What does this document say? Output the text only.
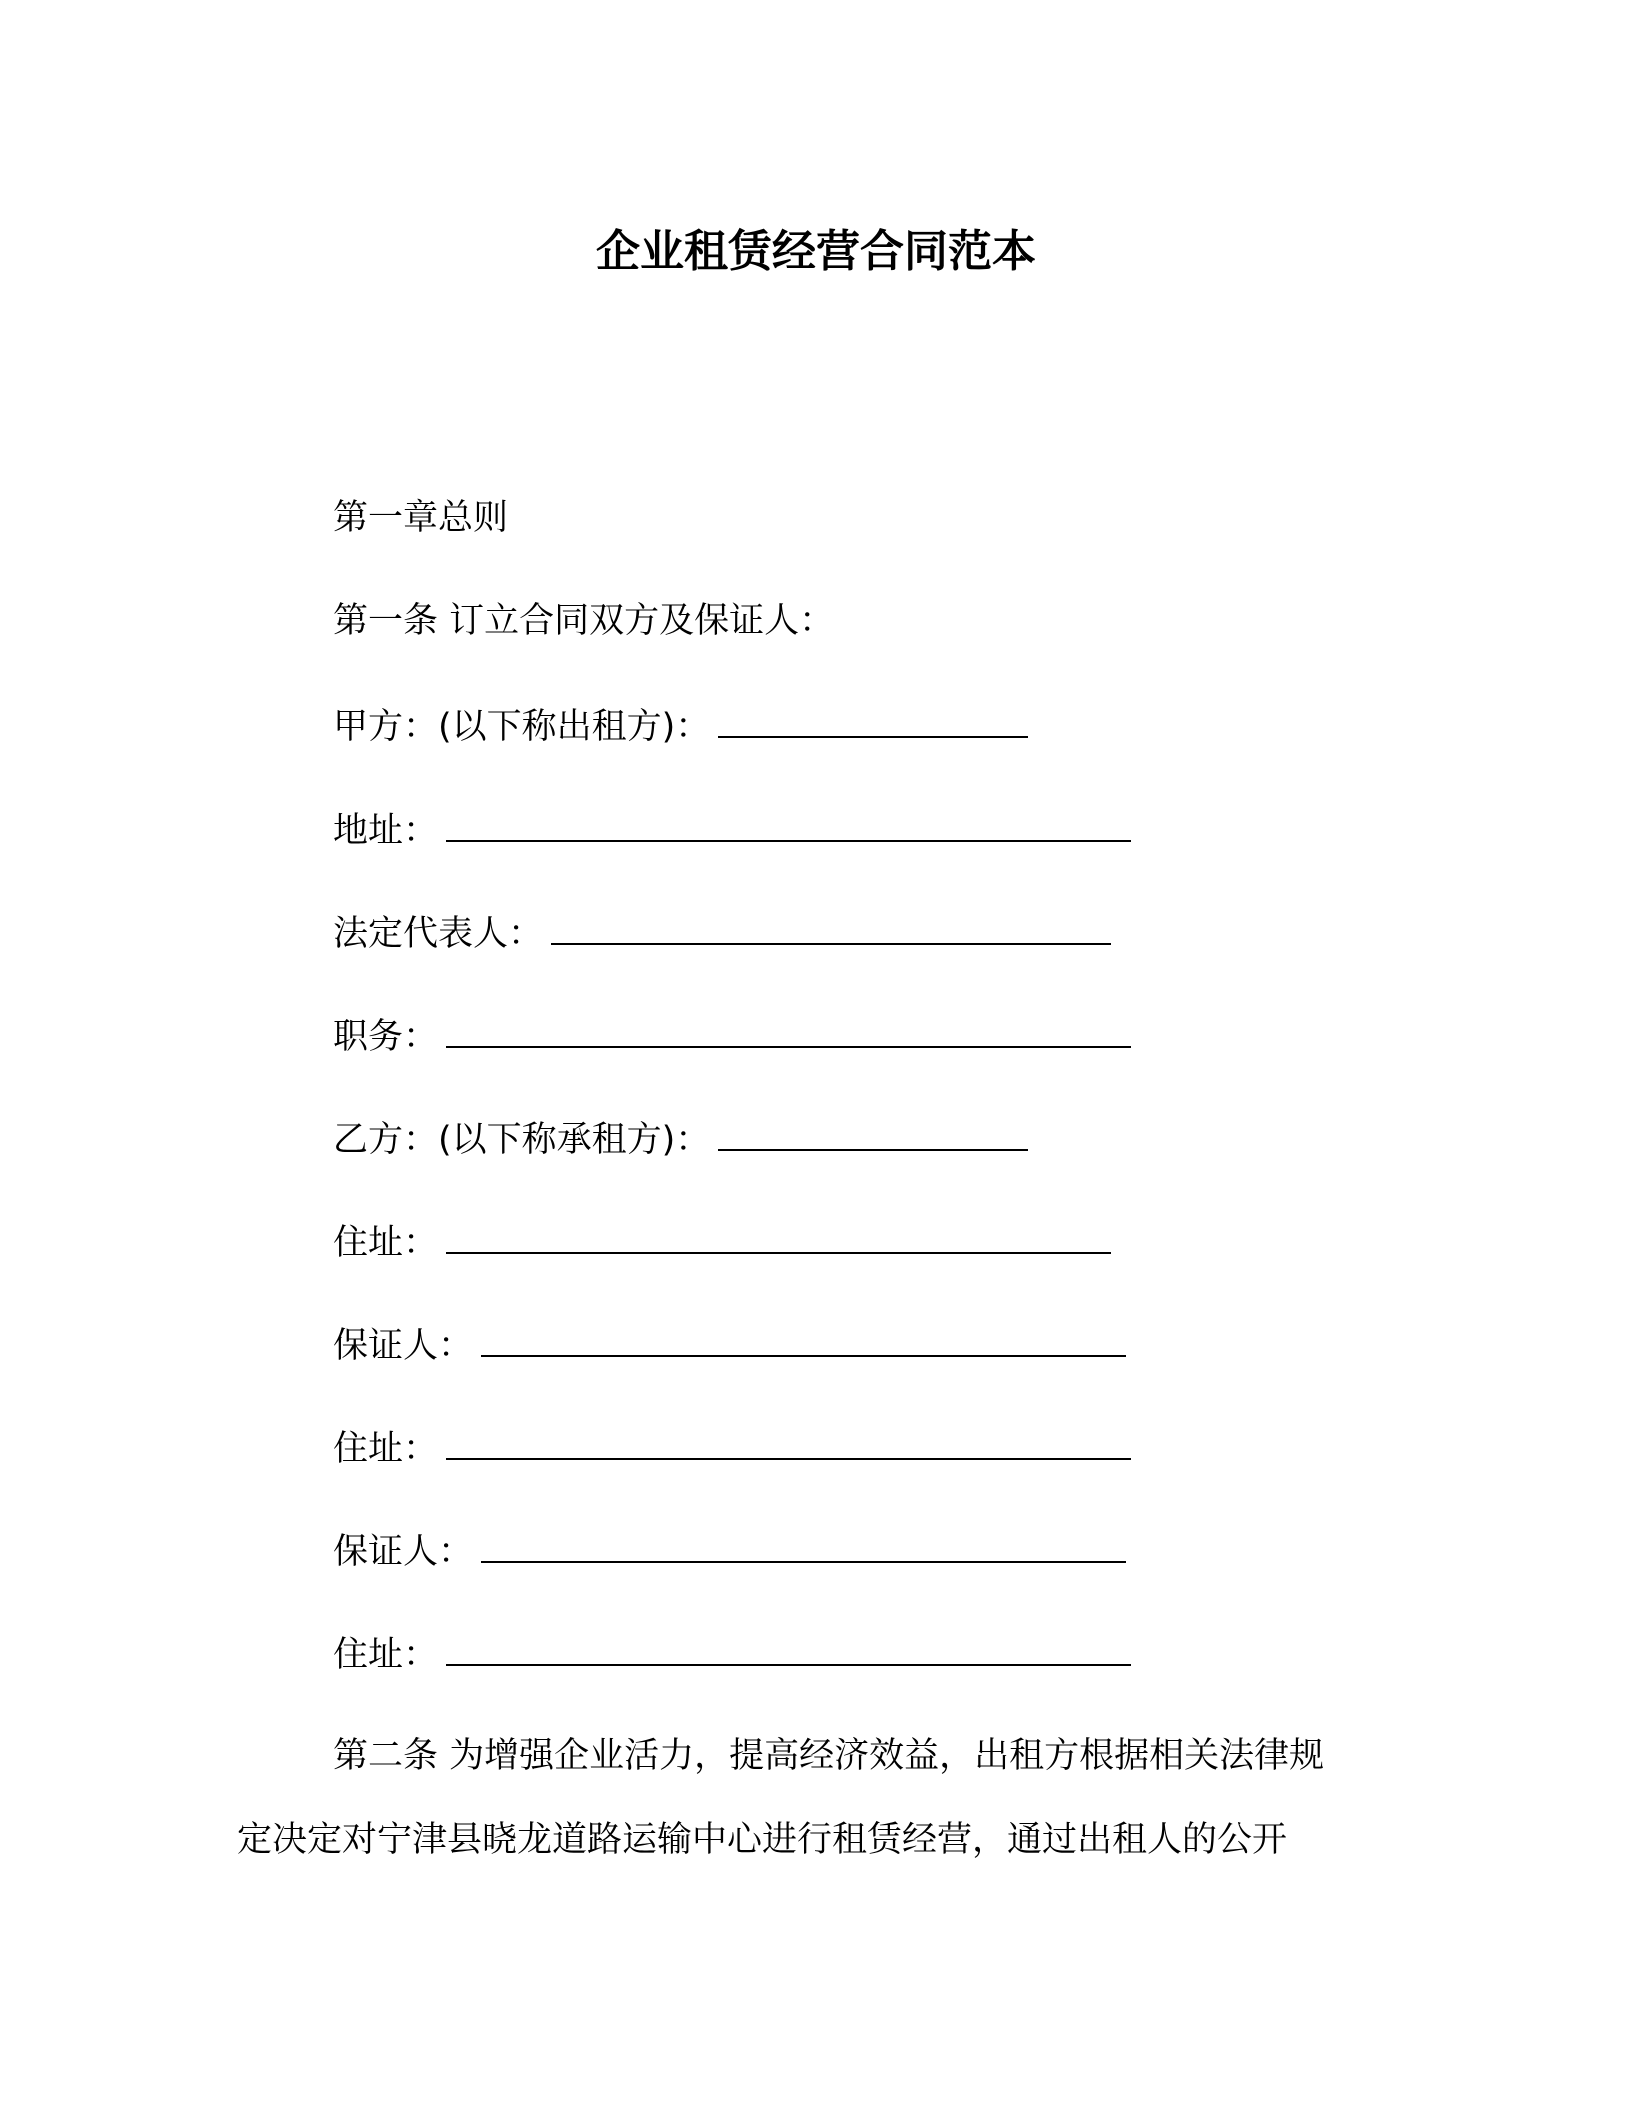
企业租赁经营合同范本
第一章总则
第一条 订立合同双方及保证人：
甲方：(以下称出租方)：
地址：
法定代表人：
职务：
乙方：(以下称承租方)：
住址：
保证人：
住址：
保证人：
住址：
第二条 为增强企业活力，提高经济效益，出租方根据相关法律规
定决定对宁津县晓龙道路运输中心进行租赁经营，通过出租人的公开
